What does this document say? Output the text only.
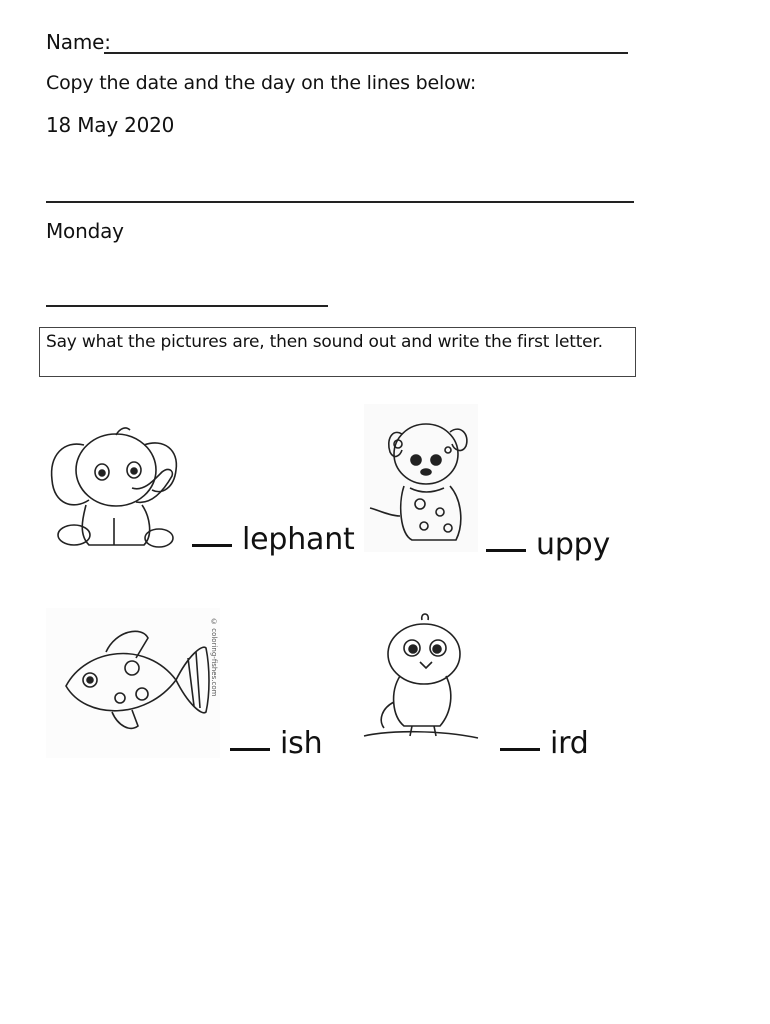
Name:
Copy the date and the day on the lines below:
18 May 2020
Monday
Say what the pictures are, then sound out and write the first letter.
lephant	uppy
© coloring-fishes.com
ish	ird
